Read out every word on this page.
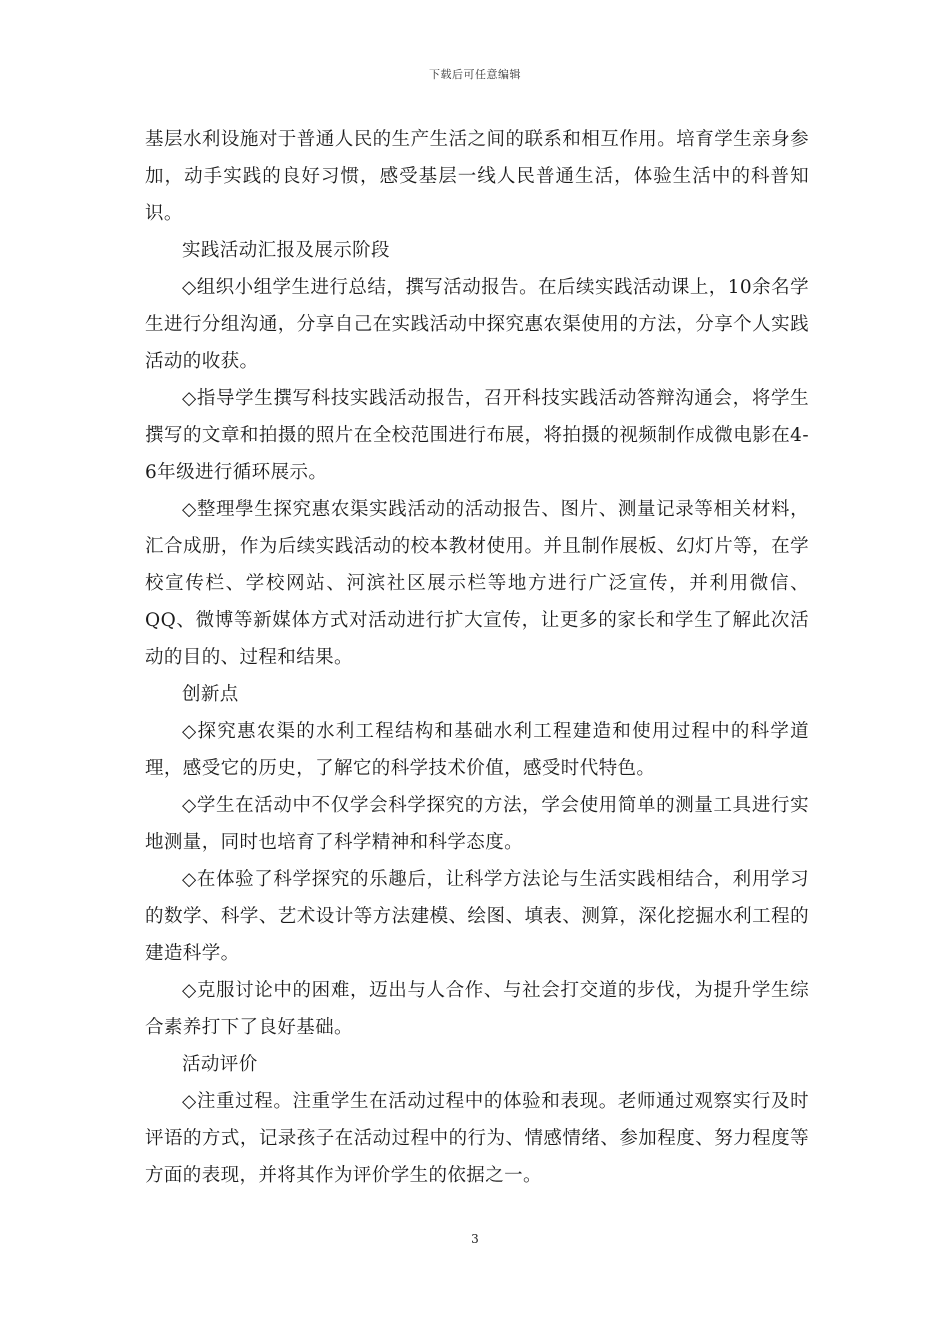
下载后可任意编辑

基层水利设施对于普通人民的生产生活之间的联系和相互作用。培育学生亲身参加，动手实践的良好习惯，感受基层一线人民普通生活，体验生活中的科普知识。

实践活动汇报及展示阶段

◇组织小组学生进行总结，撰写活动报告。在后续实践活动课上，10余名学生进行分组沟通，分享自己在实践活动中探究惠农渠使用的方法，分享个人实践活动的收获。

◇指导学生撰写科技实践活动报告，召开科技实践活动答辩沟通会，将学生撰写的文章和拍摄的照片在全校范围进行布展，将拍摄的视频制作成微电影在4- 6年级进行循环展示。

◇整理學生探究惠农渠实践活动的活动报告、图片、测量记录等相关材料，汇合成册，作为后续实践活动的校本教材使用。并且制作展板、幻灯片等，在学校宣传栏、学校网站、河滨社区展示栏等地方进行广泛宣传，并利用微信、QQ、微博等新媒体方式对活动进行扩大宣传，让更多的家长和学生了解此次活动的目的、过程和结果。

创新点

◇探究惠农渠的水利工程结构和基础水利工程建造和使用过程中的科学道理，感受它的历史，了解它的科学技术价值，感受时代特色。

◇学生在活动中不仅学会科学探究的方法，学会使用简单的测量工具进行实地测量，同时也培育了科学精神和科学态度。

◇在体验了科学探究的乐趣后，让科学方法论与生活实践相结合，利用学习的数学、科学、艺术设计等方法建模、绘图、填表、测算，深化挖掘水利工程的建造科学。

◇克服讨论中的困难，迈出与人合作、与社会打交道的步伐，为提升学生综合素养打下了良好基础。

活动评价

◇注重过程。注重学生在活动过程中的体验和表现。老师通过观察实行及时评语的方式，记录孩子在活动过程中的行为、情感情绪、参加程度、努力程度等方面的表现，并将其作为评价学生的依据之一。

3
